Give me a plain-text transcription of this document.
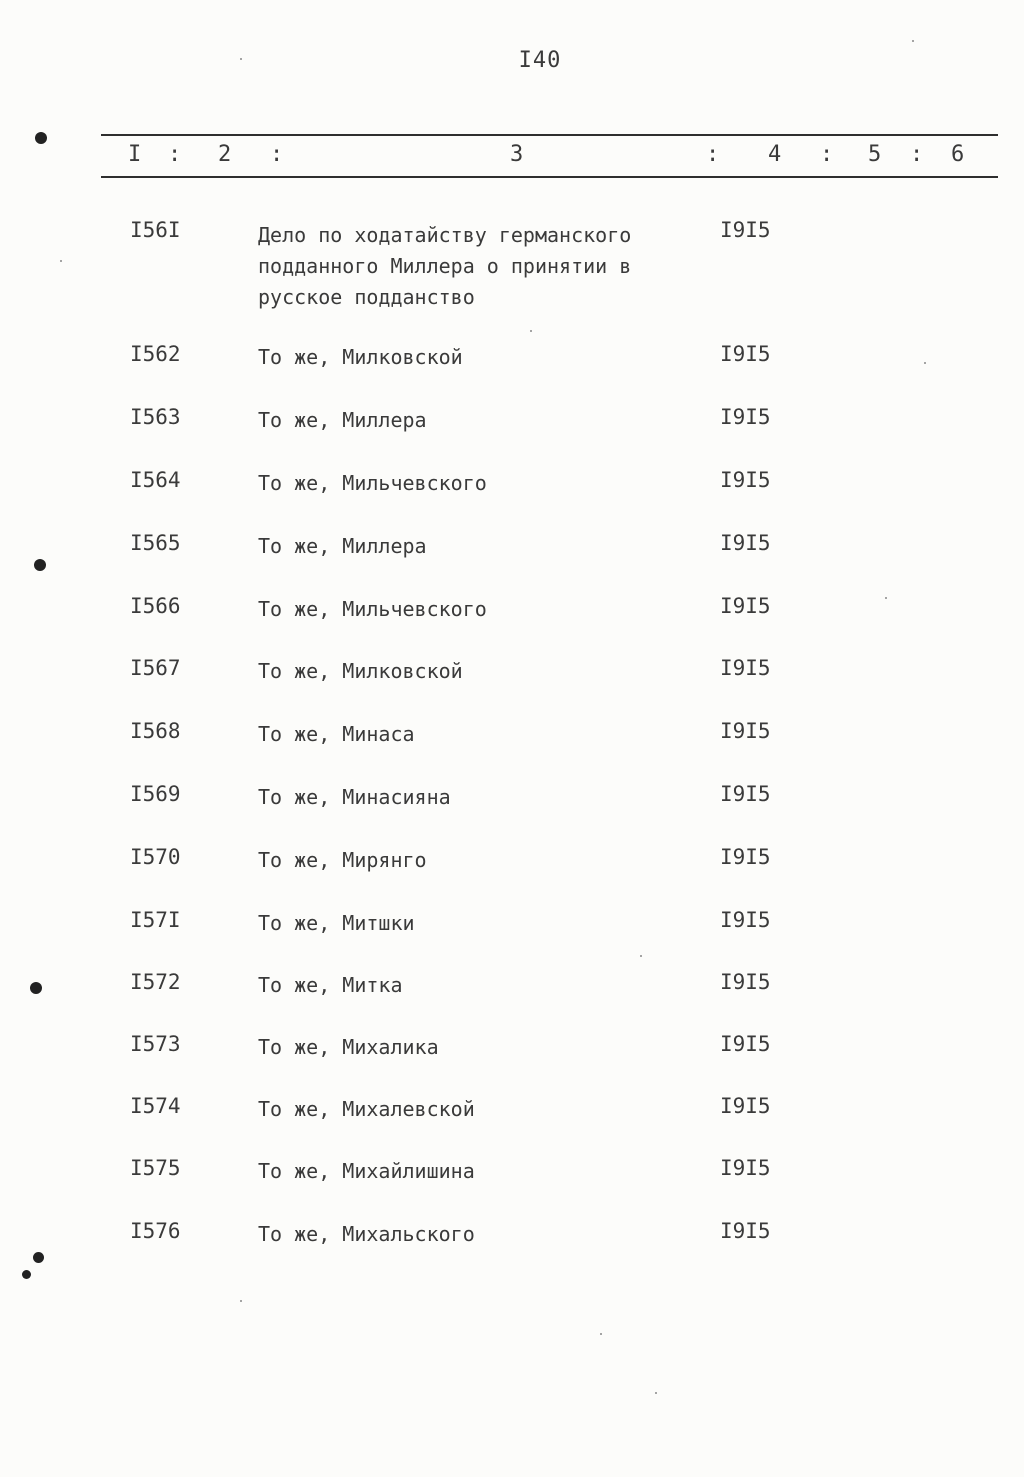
I40
I : 2 :	3	: 4 : 5 : 6
I56I	Дело по ходатайству германского
подданного Миллера о принятии в
русское подданство
I9I5
I562	То же, Милковской	I9I5
I563	То же, Миллера	I9I5
I564	То же, Мильчевского	I9I5
I565	То же, Миллера	I9I5
I566	То же, Мильчевского	I9I5
I567	То же, Милковской	I9I5
I568	То же, Минаса	I9I5
I569	То же, Минасияна	I9I5
I570	То же, Мирянго	I9I5
I57I	То же, Митшки	I9I5
I572	То же, Митка	I9I5
I573	То же, Михалика	I9I5
I574	То же, Михалевской	I9I5
I575	То же, Михайлишина	I9I5
I576	То же, Михальского	I9I5
